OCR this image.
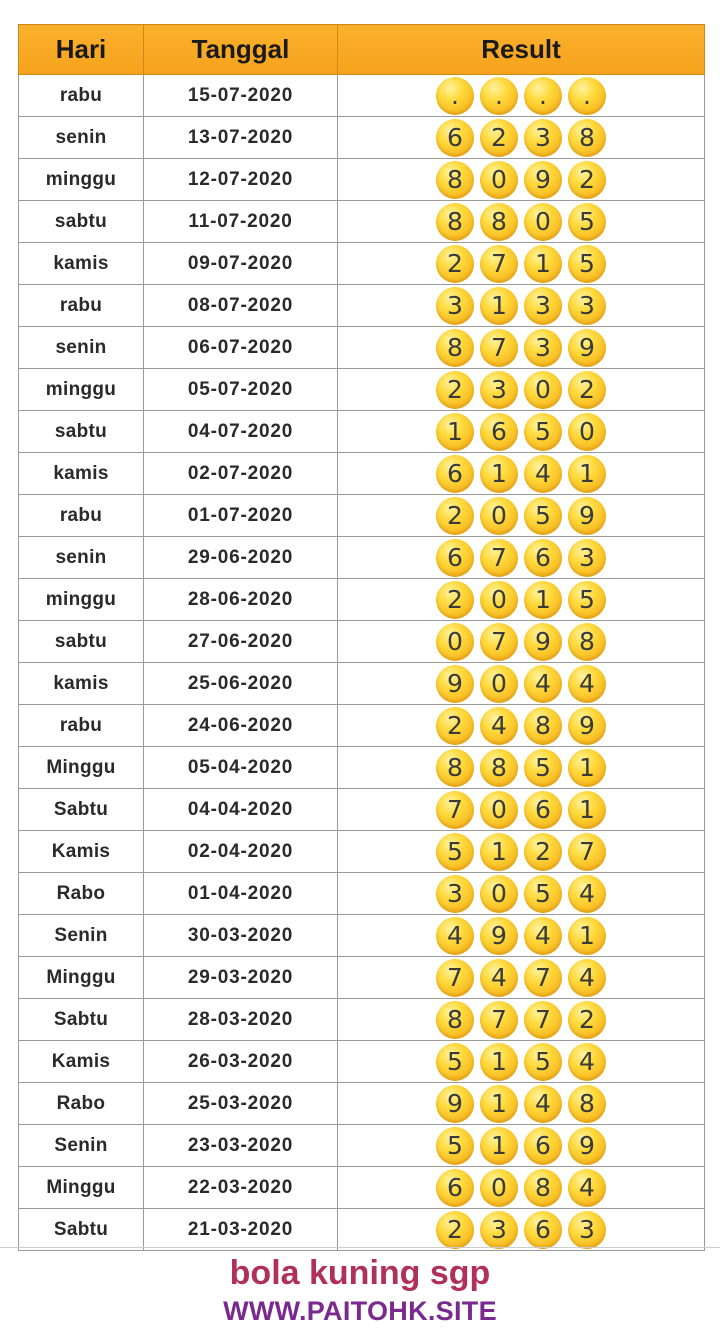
Hari	Tanggal	Result
rabu	15-07-2020	. . . .

senin	13-07-2020	6 2 3 8

minggu	12-07-2020	8 0 9 2

sabtu	11-07-2020	8 8 0 5

kamis	09-07-2020	2 7 1 5

rabu	08-07-2020	3 1 3 3

senin	06-07-2020	8 7 3 9

minggu	05-07-2020	2 3 0 2

sabtu	04-07-2020	1 6 5 0

kamis	02-07-2020	6 1 4 1

rabu	01-07-2020	2 0 5 9

senin	29-06-2020	6 7 6 3

minggu	28-06-2020	2 0 1 5

sabtu	27-06-2020	0 7 9 8

kamis	25-06-2020	9 0 4 4

rabu	24-06-2020	2 4 8 9

Minggu	05-04-2020	8 8 5 1

Sabtu	04-04-2020	7 0 6 1

Kamis	02-04-2020	5 1 2 7

Rabo	01-04-2020	3 0 5 4

Senin	30-03-2020	4 9 4 1

Minggu	29-03-2020	7 4 7 4

Sabtu	28-03-2020	8 7 7 2

Kamis	26-03-2020	5 1 5 4

Rabo	25-03-2020	9 1 4 8

Senin	23-03-2020	5 1 6 9

Minggu	22-03-2020	6 0 8 4

Sabtu	21-03-2020	2 3 6 3
bola kuning sgp
WWW.PAITOHK.SITE
